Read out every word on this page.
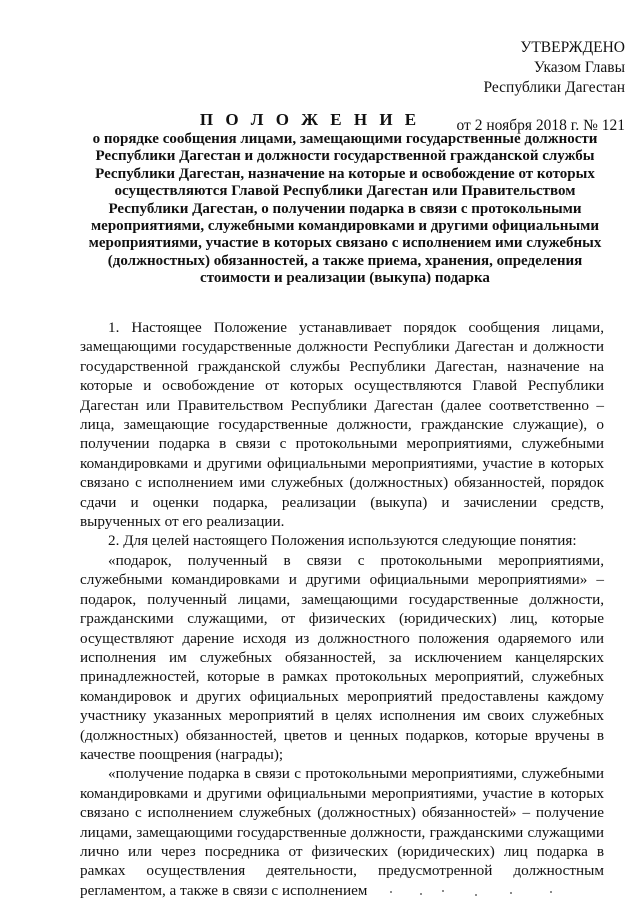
УТВЕРЖДЕНО
Указом Главы
Республики Дагестан
от 2 ноября 2018 г. № 121
П О Л О Ж Е Н И Е
о порядке сообщения лицами, замещающими государственные должности
Республики Дагестан и должности государственной гражданской службы
Республики Дагестан, назначение на которые и освобождение от которых
осуществляются Главой Республики Дагестан или Правительством
Республики Дагестан, о получении подарка в связи с протокольными
мероприятиями, служебными командировками и другими официальными
мероприятиями, участие в которых связано с исполнением ими служебных
(должностных) обязанностей, а также приема, хранения, определения
стоимости и реализации (выкупа) подарка

1. Настоящее Положение устанавливает порядок сообщения лицами, замещающими государственные должности Республики Дагестан и должности государственной гражданской службы Республики Дагестан, назначение на которые и освобождение от которых осуществляются Главой Республики Дагестан или Правительством Республики Дагестан (далее соответственно – лица, замещающие государственные должности, гражданские служащие), о получении подарка в связи с протокольными мероприятиями, служебными командировками и другими официальными мероприятиями, участие в которых связано с исполнением ими служебных (должностных) обязанностей, порядок сдачи и оценки подарка, реализации (выкупа) и зачислении средств, вырученных от его реализации.

2. Для целей настоящего Положения используются следующие понятия:

«подарок, полученный в связи с протокольными мероприятиями, служебными командировками и другими официальными мероприятиями» – подарок, полученный лицами, замещающими государственные должности, гражданскими служащими, от физических (юридических) лиц, которые осуществляют дарение исходя из должностного положения одаряемого или исполнения им служебных обязанностей, за исключением канцелярских принадлежностей, которые в рамках протокольных мероприятий, служебных командировок и других официальных мероприятий предоставлены каждому участнику указанных мероприятий в целях исполнения им своих служебных (должностных) обязанностей, цветов и ценных подарков, которые вручены в качестве поощрения (награды);

«получение подарка в связи с протокольными мероприятиями, служебными командировками и другими официальными мероприятиями, участие в которых связано с исполнением служебных (должностных) обязанностей» – получение лицами, замещающими государственные должности, гражданскими служащими лично или через посредника от физических (юридических) лиц подарка в рамках осуществления деятельности, предусмотренной должностным регламентом, а также в связи с исполнением
